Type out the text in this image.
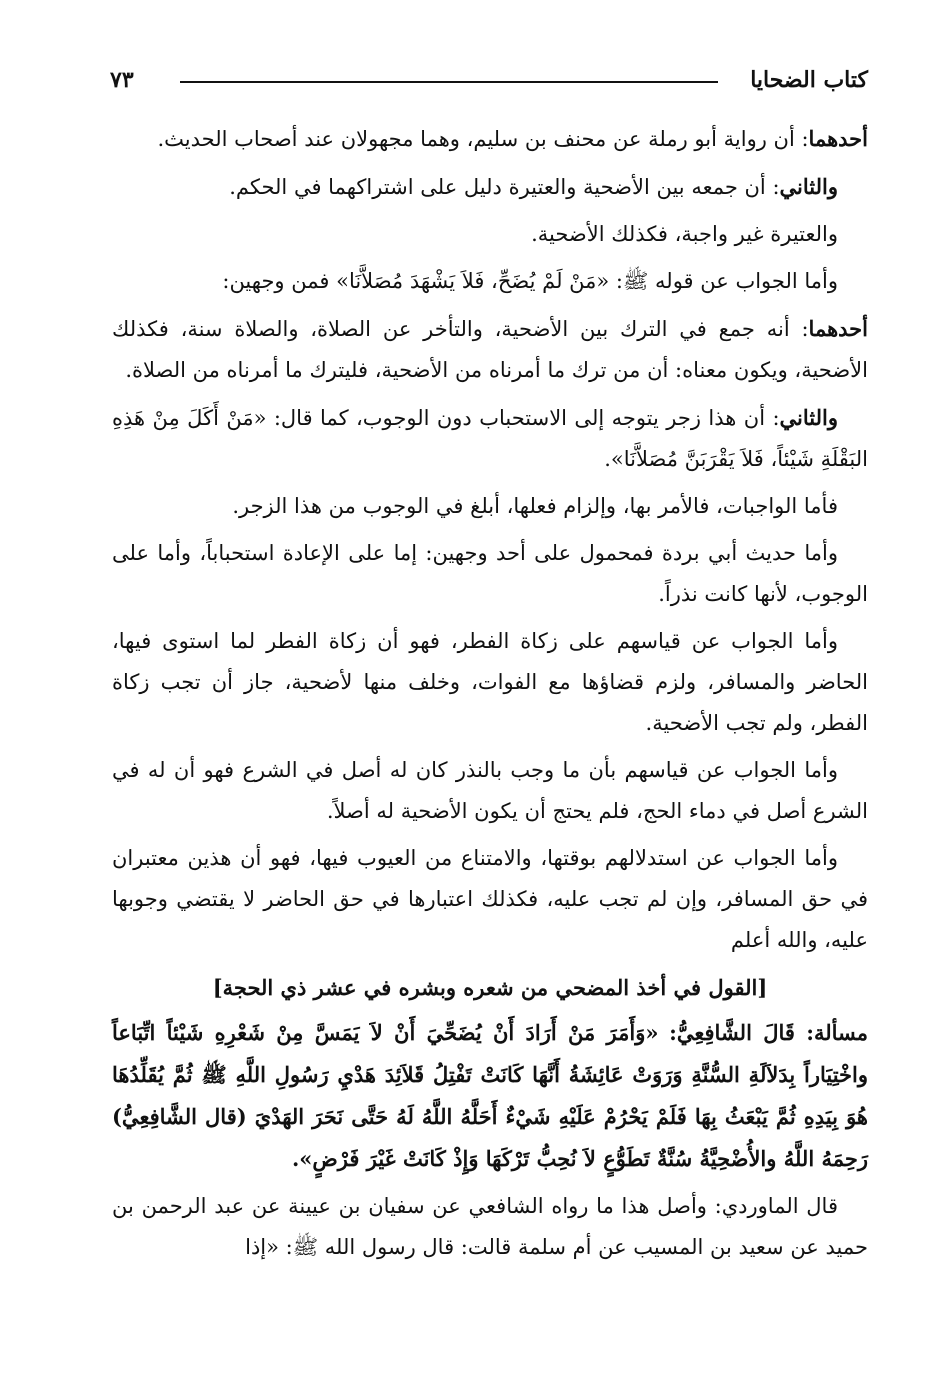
كتاب الضحايا
٧٣

أحدهما: أن رواية أبو رملة عن محنف بن سليم، وهما مجهولان عند أصحاب الحديث.

والثاني: أن جمعه بين الأضحية والعتيرة دليل على اشتراكهما في الحكم.

والعتيرة غير واجبة، فكذلك الأضحية.

وأما الجواب عن قوله ﷺ: «مَنْ لَمْ يُضَحِّ، فَلاَ يَشْهَدَ مُصَلاَّنَا» فمن وجهين:

أحدهما: أنه جمع في الترك بين الأضحية، والتأخر عن الصلاة، والصلاة سنة، فكذلك الأضحية، ويكون معناه: أن من ترك ما أمرناه من الأضحية، فليترك ما أمرناه من الصلاة.

والثاني: أن هذا زجر يتوجه إلى الاستحباب دون الوجوب، كما قال: «مَنْ أَكَلَ مِنْ هَذِهِ البَقْلَةِ شَيْئاً، فَلاَ يَقْرَبَنَّ مُصَلاَّنَا».

فأما الواجبات، فالأمر بها، وإلزام فعلها، أبلغ في الوجوب من هذا الزجر.

وأما حديث أبي بردة فمحمول على أحد وجهين: إما على الإعادة استحباباً، وأما على الوجوب، لأنها كانت نذراً.

وأما الجواب عن قياسهم على زكاة الفطر، فهو أن زكاة الفطر لما استوى فيها، الحاضر والمسافر، ولزم قضاؤها مع الفوات، وخلف منها لأضحية، جاز أن تجب زكاة الفطر، ولم تجب الأضحية.

وأما الجواب عن قياسهم بأن ما وجب بالنذر كان له أصل في الشرع فهو أن له في الشرع أصل في دماء الحج، فلم يحتج أن يكون الأضحية له أصلاً.

وأما الجواب عن استدلالهم بوقتها، والامتناع من العيوب فيها، فهو أن هذين معتبران في حق المسافر، وإن لم تجب عليه، فكذلك اعتبارها في حق الحاضر لا يقتضي وجوبها عليه، والله أعلم

[القول في أخذ المضحي من شعره وبشره في عشر ذي الحجة]

مسألة: قَالَ الشَّافِعِيُّ: «وَأَمَرَ مَنْ أَرَادَ أَنْ يُضَحِّيَ أَنْ لاَ يَمَسَّ مِنْ شَعْرِهِ شَيْئاً اتِّبَاعاً واخْتِيَاراً بِدَلاَلَةِ السُّنَّةِ وَرَوَتْ عَائِشَةُ أَنَّهَا كَانَتْ تَفْتِلُ قَلاَئِدَ هَدْيِ رَسُولِ اللَّهِ ﷺ ثُمَّ يُقَلِّدُهَا هُوَ بِيَدِهِ ثُمَّ يَبْعَثُ بِهَا فَلَمْ يَحْرُمْ عَلَيْهِ شَيْءٌ أَحَلَّهُ اللَّهُ لَهُ حَتَّى نَحَرَ الهَدْيَ (قال الشَّافِعِيُّ) رَحِمَهُ اللَّهُ والأُضْحِيَّةُ سُنَّةٌ تَطَوُّعٍ لاَ نُحِبُّ تَرْكَهَا وَإِذْ كَانَتْ غَيْرَ فَرْضٍ».

قال الماوردي: وأصل هذا ما رواه الشافعي عن سفيان بن عيينة عن عبد الرحمن بن حميد عن سعيد بن المسيب عن أم سلمة قالت: قال رسول الله ﷺ: «إذا
